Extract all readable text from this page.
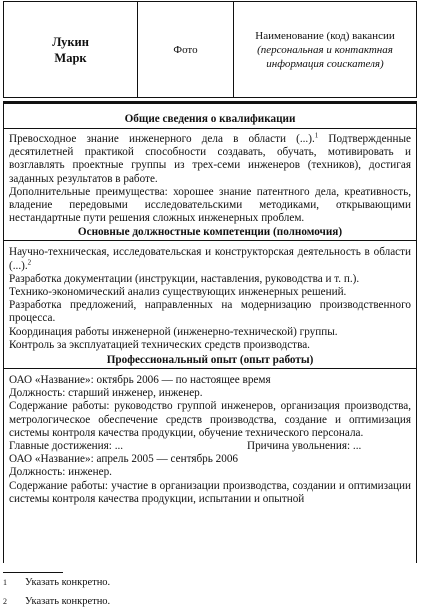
Лукин
Марк
Фото
Наименование (код) вакансии
(персональная и контактная информация соискателя)
Общие сведения о квалификации
Превосходное знание инженерного дела в области (...).$^1$ Подтвержденные десятилетней практикой способности создавать, обучать, мотивировать и возглавлять проектные группы из трех-семи инженеров (техников), достигая заданных результатов в работе.
Дополнительные преимущества: хорошее знание патентного дела, креативность, владение передовыми исследовательскими методиками, открывающими нестандартные пути решения сложных инженерных проблем.
Основные должностные компетенции (полномочия)
Научно-техническая, исследовательская и конструкторская деятельность в области (...).$^2$
Разработка документации (инструкции, наставления, руководства и т. п.).
Технико-экономический анализ существующих инженерных решений.
Разработка предложений, направленных на модернизацию производственного процесса.
Координация работы инженерной (инженерно-технической) группы.
Контроль за эксплуатацией технических средств производства.
Профессиональный опыт (опыт работы)
ОАО «Название»: октябрь 2006 — по настоящее время
Должность: старший инженер, инженер.
Содержание работы: руководство группой инженеров, организация производства, метрологическое обеспечение средств производства, создание и оптимизация системы контроля качества продукции, обучение технического персонала.
Главные достижения: ...	Причина увольнения: ...
ОАО «Название»: апрель 2005 — сентябрь 2006
Должность: инженер.
Содержание работы: участие в организации производства, создании и оптимизации системы контроля качества продукции, испытании и опытной
1 Указать конкретно.
2 Указать конкретно.
